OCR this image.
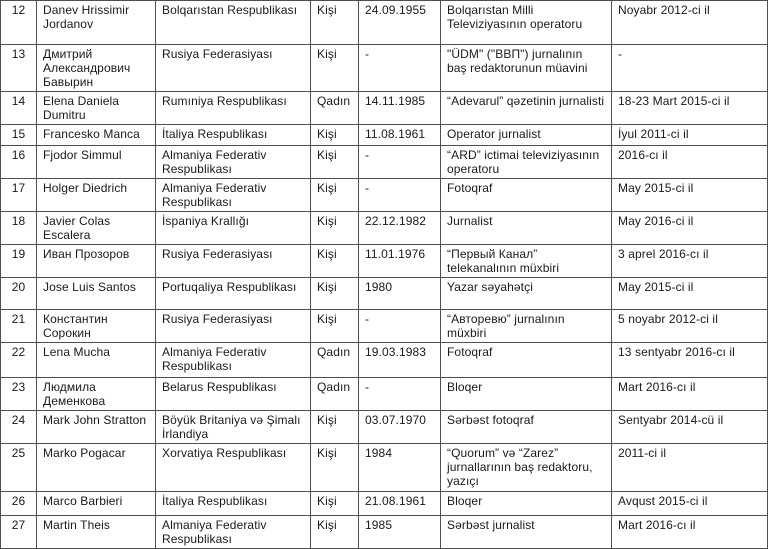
12	Danev Hrissimir Jordanov	Bolqarıstan Respublikası	Kişi	24.09.1955	Bolqarıstan Milli Televiziyasının operatoru	Noyabr 2012-ci il
13	Дмитрий Александрович Бавырин	Rusiya Federasiyası	Kişi	-	"ÜDM" ("ВВП") jurnalının baş redaktorunun müavini	-
14	Elena Daniela Dumitru	Rumıniya Respublikası	Qadın	14.11.1985	“Adevarul” qəzetinin jurnalisti	18-23 Mart 2015-ci il
15	Francesko Manca	İtaliya Respublikası	Kişi	11.08.1961	Operator jurnalist	İyul 2011-ci il
16	Fjodor Simmul	Almaniya Federativ Respublikası	Kişi	-	“ARD” ictimai televiziyasının operatoru	2016-cı il
17	Holger Diedrich	Almaniya Federativ Respublikası	Kişi	-	Fotoqraf	May 2015-ci il
18	Javier Colas Escalera	İspaniya Krallığı	Kişi	22.12.1982	Jurnalist	May 2016-ci il
19	Иван Прозоров	Rusiya Federasiyası	Kişi	11.01.1976	“Первый Канал” telekanalının müxbiri	3 aprel 2016-cı il
20	Jose Luis Santos	Portuqaliya Respublikası	Kişi	1980	Yazar səyahətçi	May 2015-ci il
21	Константин Сорокин	Rusiya Federasiyası	Kişi	-	“Авторевю” jurnalının müxbiri	5 noyabr 2012-ci il
22	Lena Mucha	Almaniya Federativ Respublikası	Qadın	19.03.1983	Fotoqraf	13 sentyabr 2016-cı il
23	Людмила Деменкова	Belarus Respublikası	Qadın	-	Bloqer	Mart 2016-cı il
24	Mark John Stratton	Böyük Britaniya və Şimalı İrlandiya	Kişi	03.07.1970	Sərbəst fotoqraf	Sentyabr 2014-cü il
25	Marko Pogacar	Xorvatiya Respublikası	Kişi	1984	“Quorum” və “Zarez” jurnallarının baş redaktoru, yazıçı	2011-ci il
26	Marco Barbieri	İtaliya Respublikası	Kişi	21.08.1961	Bloqer	Avqust 2015-ci il
27	Martin Theis	Almaniya Federativ Respublikası	Kişi	1985	Sərbəst jurnalist	Mart 2016-cı il
